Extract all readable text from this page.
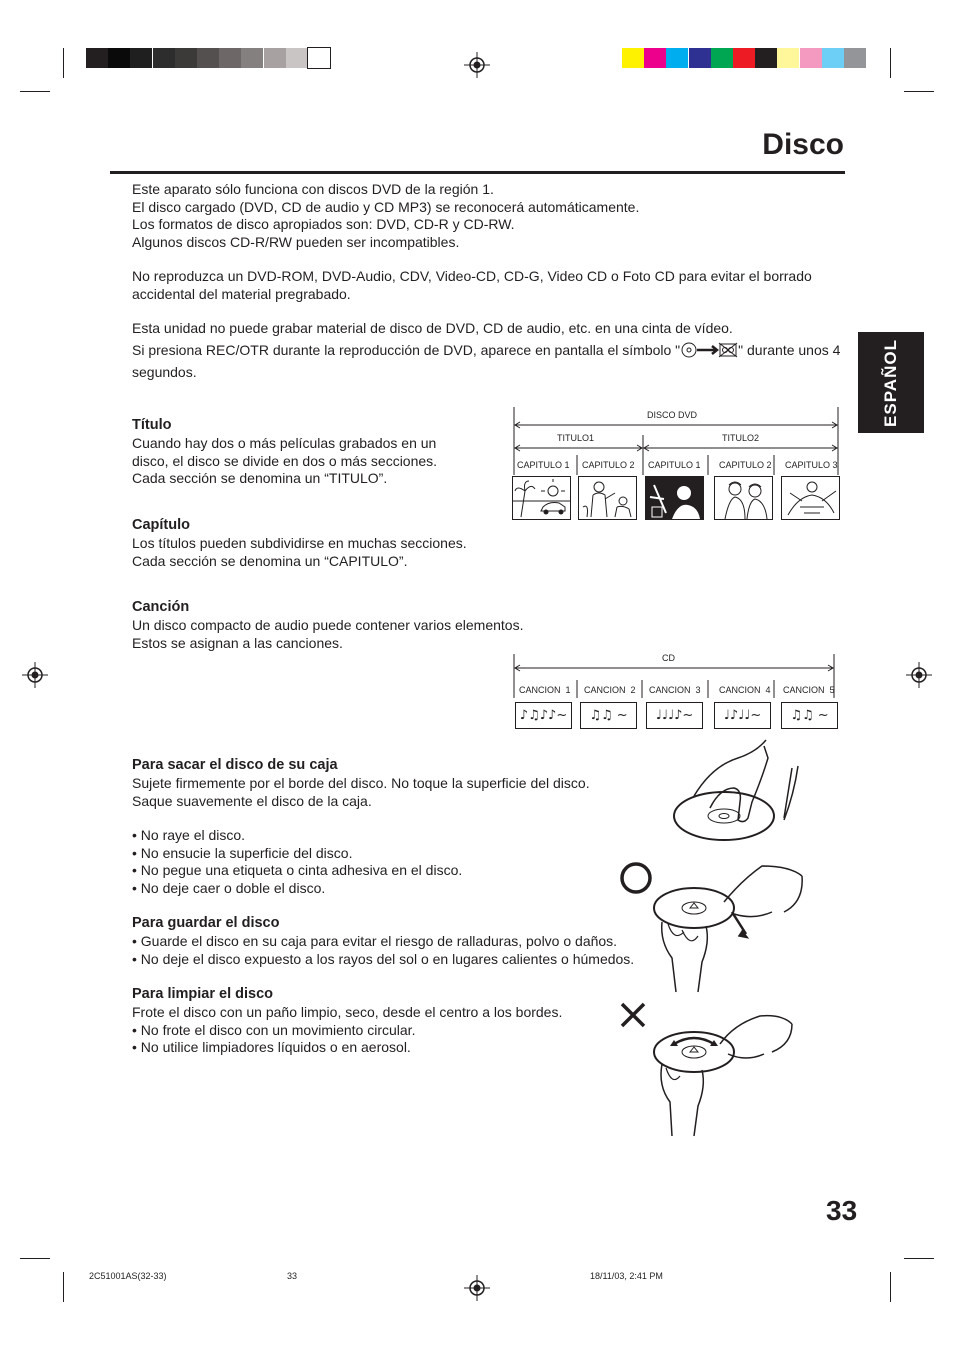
Disco
ESPAÑOL
Este aparato sólo funciona con discos DVD de la región 1.
El disco cargado (DVD, CD de audio y CD MP3) se reconocerá automáticamente.
Los formatos de disco apropiados son: DVD, CD-R y CD-RW.
Algunos discos CD-R/RW pueden ser incompatibles.
No reproduzca un DVD-ROM, DVD-Audio, CDV, Video-CD, CD-G, Video CD o Foto CD para evitar el borrado
accidental del material pregrabado.
Esta unidad no puede grabar material de disco de DVD, CD de audio, etc. en una cinta de vídeo.
Si presiona REC/OTR durante la reproducción de DVD, aparece en pantalla el símbolo "	" durante unos 4
segundos.
Título
Cuando hay dos o más películas grabados en un
disco, el disco se divide en dos o más secciones.
Cada sección se denomina un “TITULO”.
DISCO DVD
TITULO1	TITULO2
CAPITULO 1 CAPITULO 2 CAPITULO 1 CAPITULO 2 CAPITULO 3
Capítulo
Los títulos pueden subdividirse en muchas secciones.
Cada sección se denomina un “CAPITULO”.
Canción
Un disco compacto de audio puede contener varios elementos.
Estos se asignan a las canciones.
CD
CANCION  1 CANCION  2 CANCION  3 CANCION  4 CANCION  5
♪♫♪♪~	♫♫ ~	♩♩♩♪~	♩♪♩♩~	♫♫ ~
Para sacar el disco de su caja
Sujete firmemente por el borde del disco. No toque la superficie del disco.
Saque suavemente el disco de la caja.
• No raye el disco.
• No ensucie la superficie del disco.
• No pegue una etiqueta o cinta adhesiva en el disco.
• No deje caer o doble el disco.
Para guardar el disco
• Guarde el disco en su caja para evitar el riesgo de ralladuras, polvo o daños.
• No deje el disco expuesto a los rayos del sol o en lugares calientes o húmedos.
Para limpiar el disco
Frote el disco con un paño limpio, seco, desde el centro a los bordes.
• No frote el disco con un movimiento circular.
• No utilice limpiadores líquidos o en aerosol.
33
2C51001AS(32-33)	33	18/11/03, 2:41 PM
